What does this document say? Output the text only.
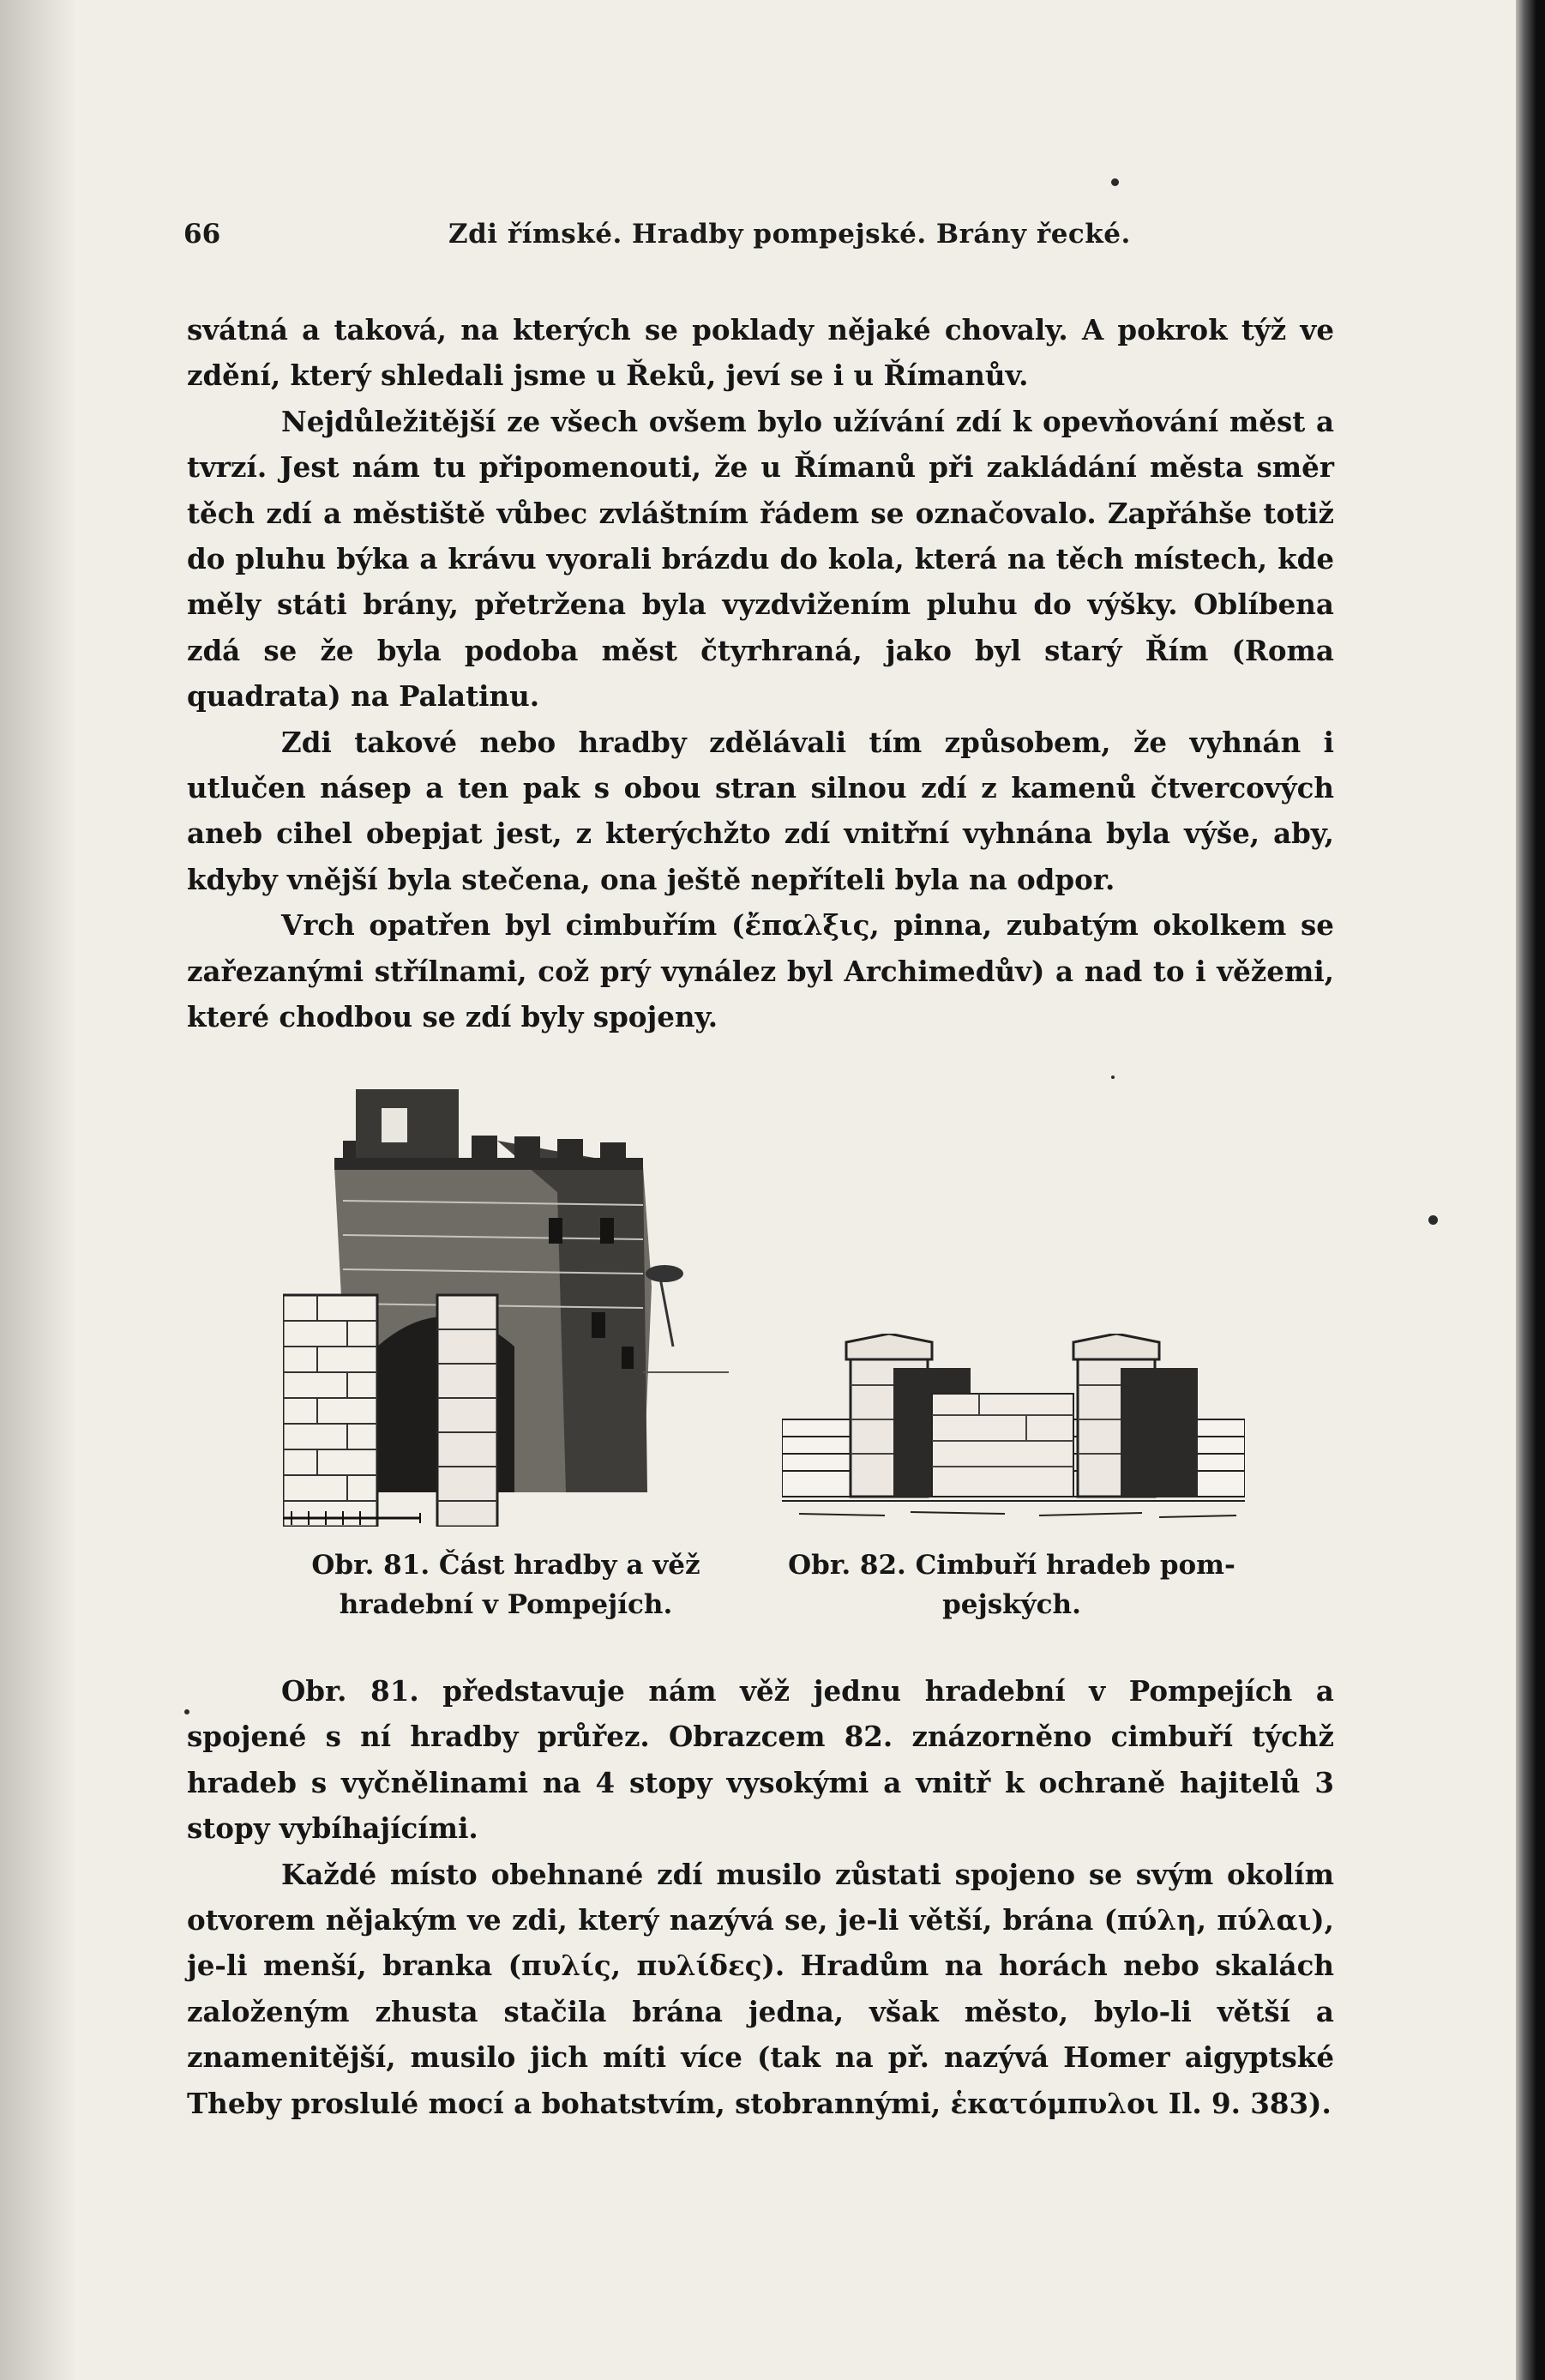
66	Zdi římské. Hradby pompejské. Brány řecké.

svátná a taková, na kterých se poklady nějaké chovaly. A pokrok týž ve zdění, který shledali jsme u Řeků, jeví se i u Římanův.

Nejdůležitější ze všech ovšem bylo užívání zdí k opevňování měst a tvrzí. Jest nám tu připomenouti, že u Římanů při zakládání města směr těch zdí a městiště vůbec zvláštním řádem se označovalo. Zapřáhše totiž do pluhu býka a krávu vyorali brázdu do kola, která na těch místech, kde měly státi brány, přetržena byla vyzdvižením pluhu do výšky. Oblíbena zdá se že byla podoba měst čtyrhraná, jako byl starý Řím (Roma quadrata) na Palatinu.

Zdi takové nebo hradby zdělávali tím způsobem, že vyhnán i utlučen násep a ten pak s obou stran silnou zdí z kamenů čtvercových aneb cihel obepjat jest, z kterýchžto zdí vnitřní vyhnána byla výše, aby, kdyby vnější byla stečena, ona ještě nepříteli byla na odpor.

Vrch opatřen byl cimbuřím (ἔπαλξις, pinna, zubatým okolkem se zařezanými střílnami, což prý vynález byl Archimedův) a nad to i věžemi, které chodbou se zdí byly spojeny.

Obr. 81. Část hradby a věž
hradební v Pompejích.
Obr. 82. Cimbuří hradeb pom-
pejských.

Obr. 81. představuje nám věž jednu hradební v Pompejích a spojené s ní hradby průřez. Obrazcem 82. znázorněno cimbuří týchž hradeb s vyčnělinami na 4 stopy vysokými a vnitř k ochraně hajitelů 3 stopy vybíhajícími.

Každé místo obehnané zdí musilo zůstati spojeno se svým okolím otvorem nějakým ve zdi, který nazývá se, je-li větší, brána (πύλη, πύλαι), je-li menší, branka (πυλίς, πυλίδες). Hradům na horách nebo skalách založeným zhusta stačila brána jedna, však město, bylo-li větší a znamenitější, musilo jich míti více (tak na př. nazývá Homer aigyptské Theby proslulé mocí a bohatstvím, stobrannými, ἑκατόμπυλοι Il. 9. 383).
